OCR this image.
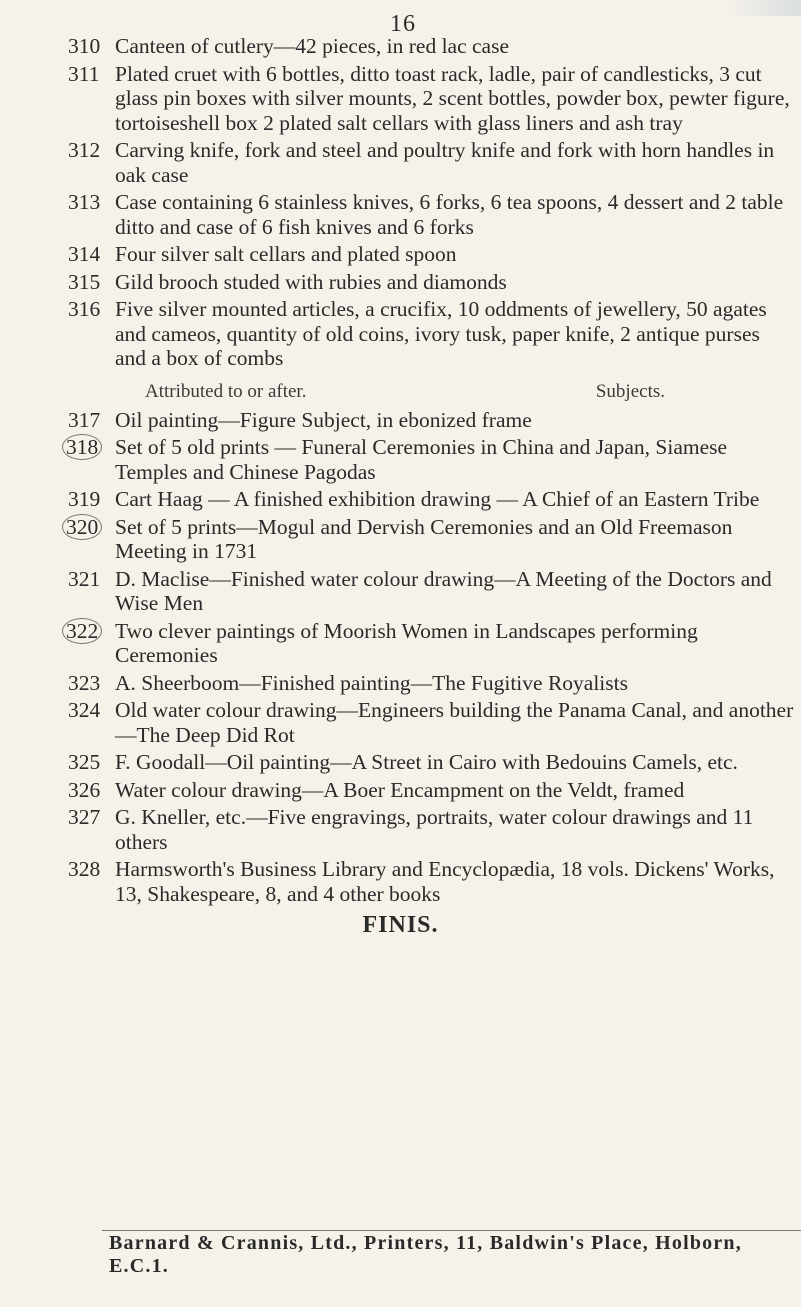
16
310 Canteen of cutlery—42 pieces, in red lac case
311 Plated cruet with 6 bottles, ditto toast rack, ladle, pair of candlesticks, 3 cut glass pin boxes with silver mounts, 2 scent bottles, powder box, pewter figure, tortoiseshell box 2 plated salt cellars with glass liners and ash tray
312 Carving knife, fork and steel and poultry knife and fork with horn handles in oak case
313 Case containing 6 stainless knives, 6 forks, 6 tea spoons, 4 dessert and 2 table ditto and case of 6 fish knives and 6 forks
314 Four silver salt cellars and plated spoon
315 Gild brooch studed with rubies and diamonds
316 Five silver mounted articles, a crucifix, 10 oddments of jewellery, 50 agates and cameos, quantity of old coins, ivory tusk, paper knife, 2 antique purses and a box of combs
Attributed to or after.	Subjects.
317 Oil painting—Figure Subject, in ebonized frame
318 Set of 5 old prints — Funeral Ceremonies in China and Japan, Siamese Temples and Chinese Pagodas
319 Cart Haag — A finished exhibition drawing — A Chief of an Eastern Tribe
320 Set of 5 prints—Mogul and Dervish Ceremonies and an Old Freemason Meeting in 1731
321 D. Maclise—Finished water colour drawing—A Meeting of the Doctors and Wise Men
322 Two clever paintings of Moorish Women in Landscapes performing Ceremonies
323 A. Sheerboom—Finished painting—The Fugitive Royalists
324 Old water colour drawing—Engineers building the Panama Canal, and another—The Deep Did Rot
325 F. Goodall—Oil painting—A Street in Cairo with Bedouins Camels, etc.
326 Water colour drawing—A Boer Encampment on the Veldt, framed
327 G. Kneller, etc.—Five engravings, portraits, water colour drawings and 11 others
328 Harmsworth's Business Library and Encyclopædia, 18 vols. Dickens' Works, 13, Shakespeare, 8, and 4 other books
FINIS.
Barnard & Crannis, Ltd., Printers, 11, Baldwin's Place, Holborn, E.C.1.
